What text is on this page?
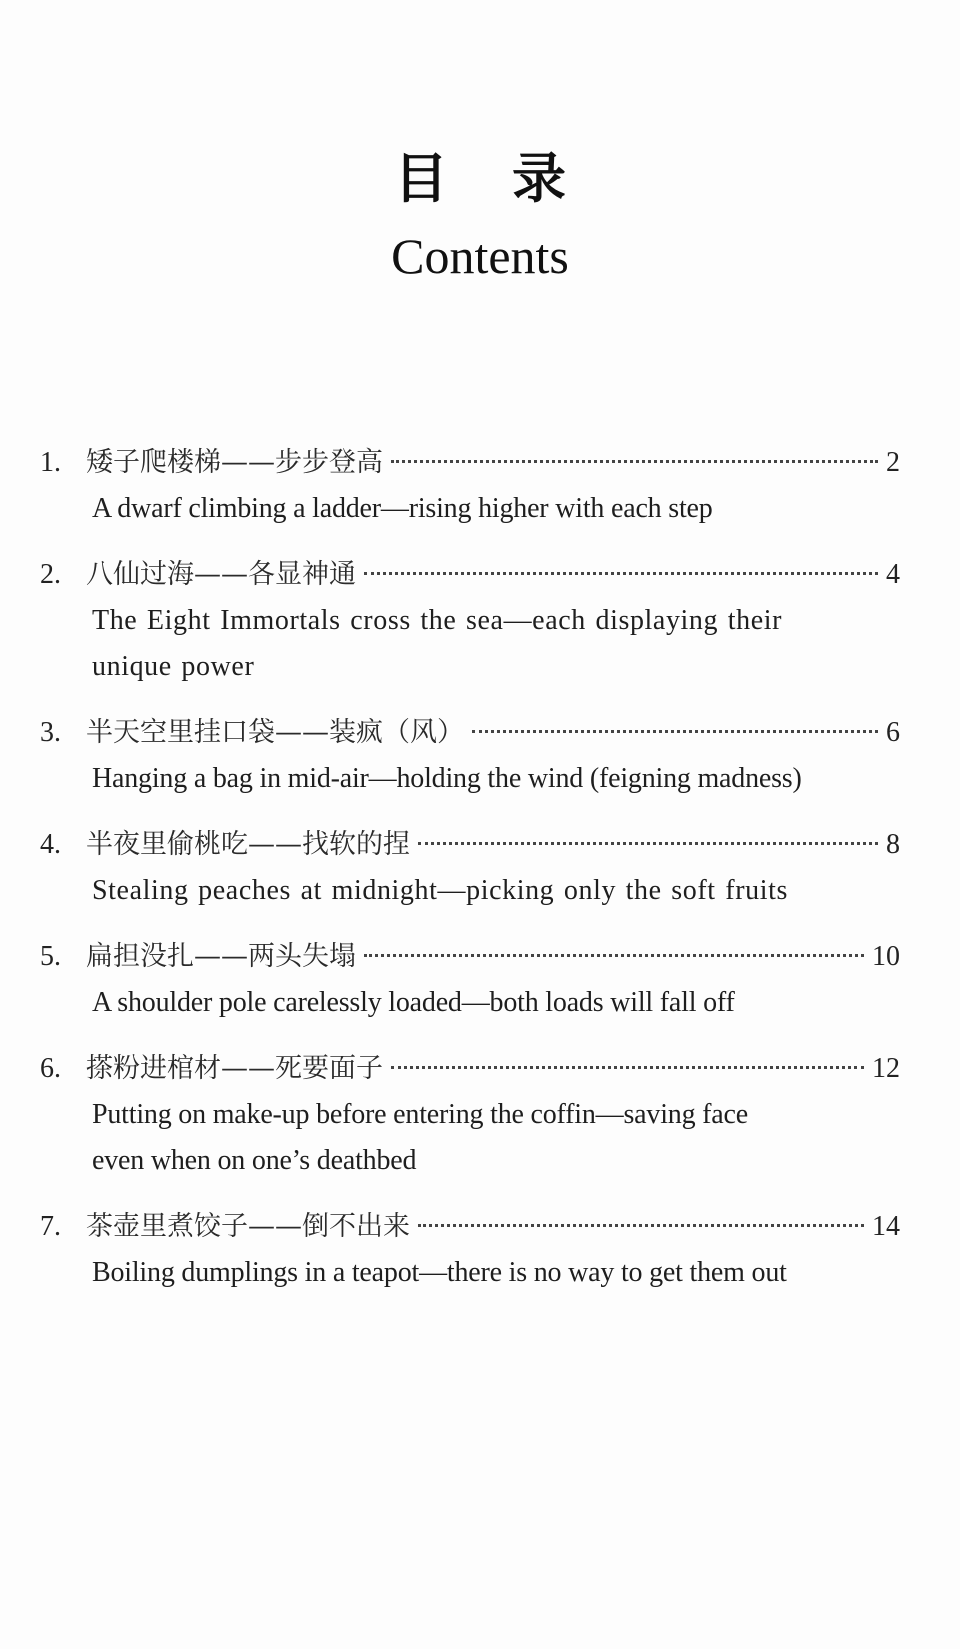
目录
Contents
1. 矮子爬楼梯——步步登高	2
A dwarf climbing a ladder—rising higher with each step
2. 八仙过海——各显神通	4
The Eight Immortals cross the sea—each displaying their unique power
3. 半天空里挂口袋——装疯（风）	6
Hanging a bag in mid-air—holding the wind (feigning madness)
4. 半夜里偷桃吃——找软的捏	8
Stealing peaches at midnight—picking only the soft fruits
5. 扁担没扎——两头失塌	10
A shoulder pole carelessly loaded—both loads will fall off
6. 搽粉进棺材——死要面子	12
Putting on make-up before entering the coffin—saving face even when on one’s deathbed
7. 茶壶里煮饺子——倒不出来	14
Boiling dumplings in a teapot—there is no way to get them out
